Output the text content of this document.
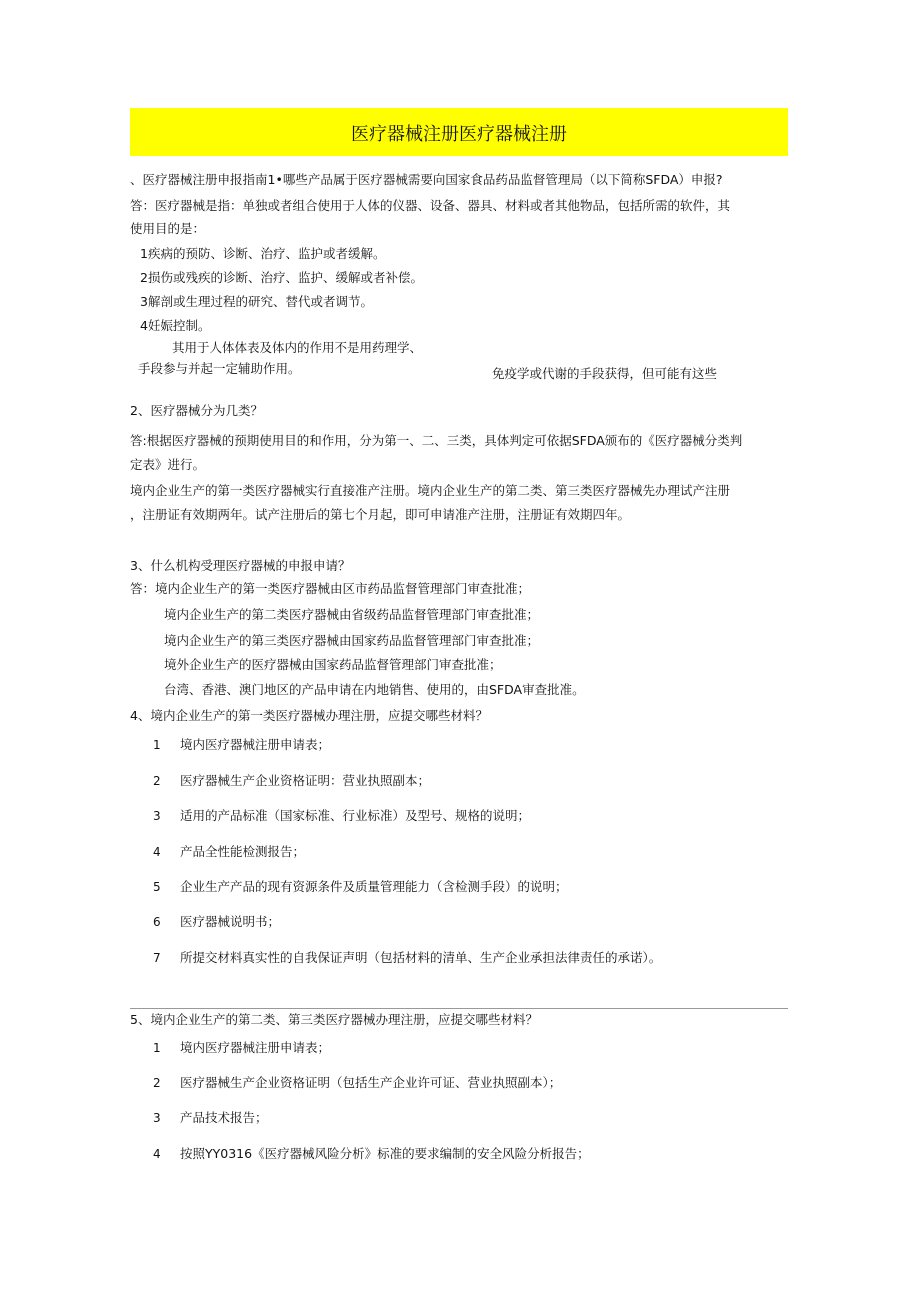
医疗器械注册医疗器械注册
、医疗器械注册申报指南1•哪些产品属于医疗器械需要向国家食品药品监督管理局（以下简称SFDA）申报?
答：医疗器械是指：单独或者组合使用于人体的仪器、设备、器具、材料或者其他物品，包括所需的软件，其
使用目的是：
1疾病的预防、诊断、治疗、监护或者缓解。
2损伤或残疾的诊断、治疗、监护、缓解或者补偿。
3解剖或生理过程的研究、替代或者调节。
4妊娠控制。
其用于人体体表及体内的作用不是用药理学、
手段参与并起一定辅助作用。	免疫学或代谢的手段获得，但可能有这些
2、医疗器械分为几类？
答:根据医疗器械的预期使用目的和作用，分为第一、二、三类，具体判定可依据SFDA颁布的《医疗器械分类判
定表》进行。
境内企业生产的第一类医疗器械实行直接准产注册。境内企业生产的第二类、第三类医疗器械先办理试产注册
，注册证有效期两年。试产注册后的第七个月起，即可申请准产注册，注册证有效期四年。
3、什么机构受理医疗器械的申报申请？
答：境内企业生产的第一类医疗器械由区市药品监督管理部门审查批准；
境内企业生产的第二类医疗器械由省级药品监督管理部门审查批准；
境内企业生产的第三类医疗器械由国家药品监督管理部门审查批准；
境外企业生产的医疗器械由国家药品监督管理部门审查批准；
台湾、香港、澳门地区的产品申请在内地销售、使用的，由SFDA审查批准。
4、境内企业生产的第一类医疗器械办理注册，应提交哪些材料？
1 境内医疗器械注册申请表；
2 医疗器械生产企业资格证明：营业执照副本；
3 适用的产品标准（国家标准、行业标准）及型号、规格的说明；
4 产品全性能检测报告；
5 企业生产产品的现有资源条件及质量管理能力（含检测手段）的说明；
6 医疗器械说明书；
7 所提交材料真实性的自我保证声明（包括材料的清单、生产企业承担法律责任的承诺）。
5、境内企业生产的第二类、第三类医疗器械办理注册，应提交哪些材料？
1 境内医疗器械注册申请表；
2 医疗器械生产企业资格证明（包括生产企业许可证、营业执照副本）；
3 产品技术报告；
4 按照YY0316《医疗器械风险分析》标准的要求编制的安全风险分析报告；
